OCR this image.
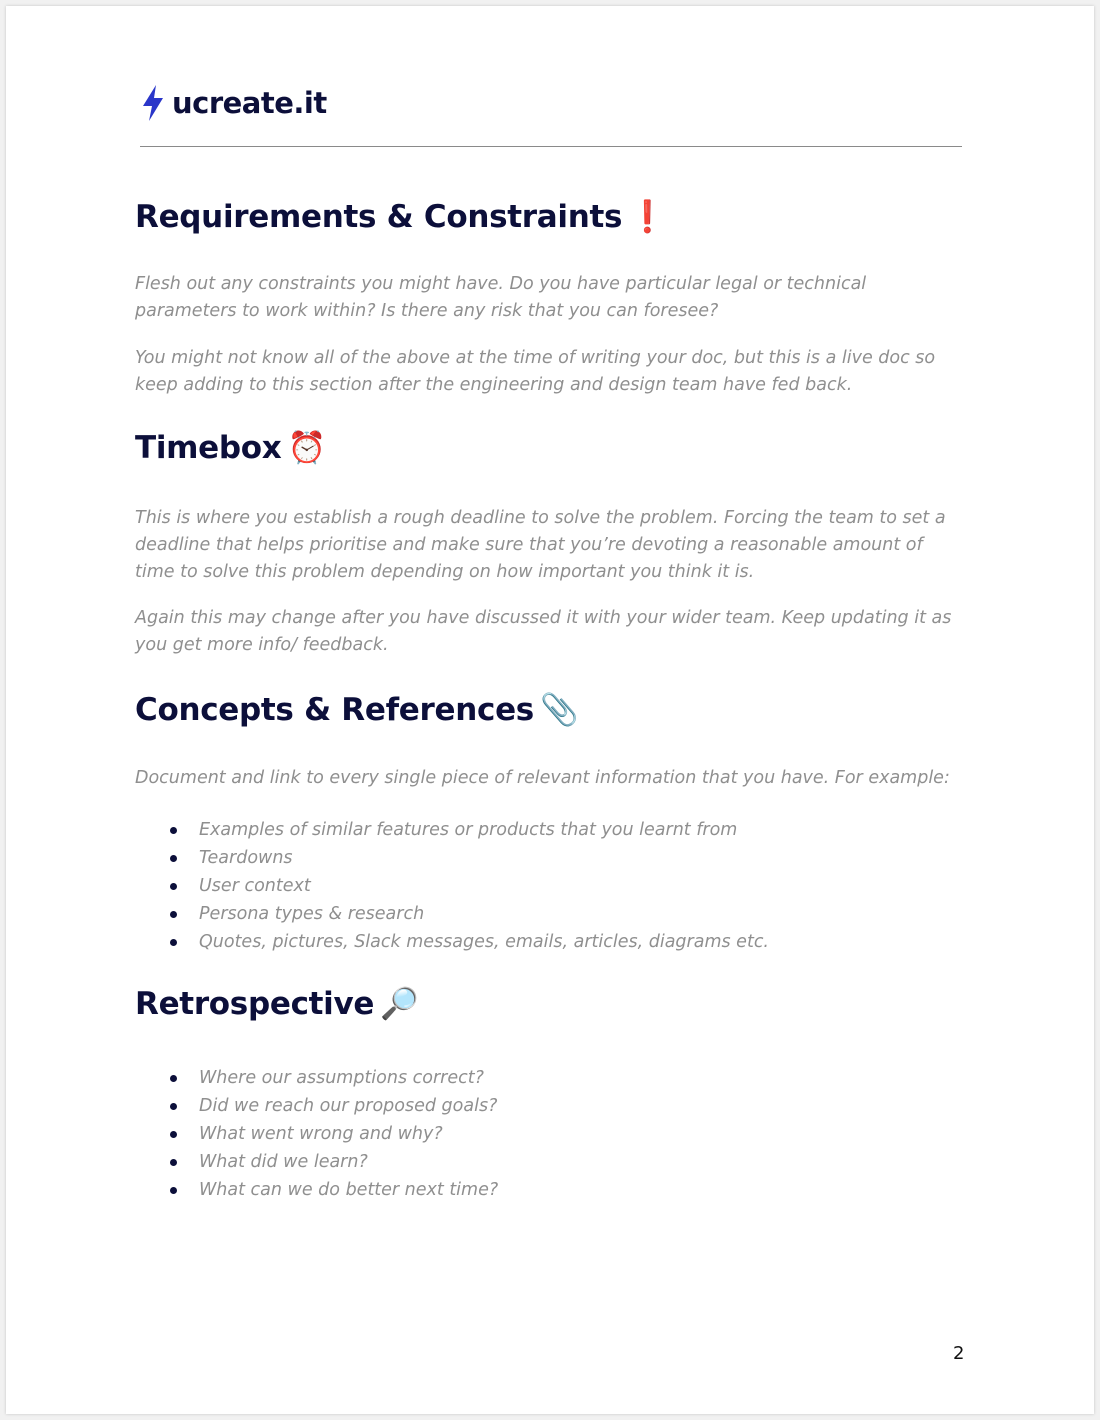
ucreate.it
Requirements & Constraints ❗

Flesh out any constraints you might have. Do you have particular legal or technical parameters to work within? Is there any risk that you can foresee?

You might not know all of the above at the time of writing your doc, but this is a live doc so keep adding to this section after the engineering and design team have fed back.

Timebox ⏰

This is where you establish a rough deadline to solve the problem. Forcing the team to set a deadline that helps prioritise and make sure that you’re devoting a reasonable amount of time to solve this problem depending on how important you think it is.

Again this may change after you have discussed it with your wider team. Keep updating it as you get more info/ feedback.

Concepts & References 📎

Document and link to every single piece of relevant information that you have. For example:

Examples of similar features or products that you learnt from
Teardowns
User context
Persona types & research
Quotes, pictures, Slack messages, emails, articles, diagrams etc.
Retrospective 🔎
Where our assumptions correct?
Did we reach our proposed goals?
What went wrong and why?
What did we learn?
What can we do better next time?
2
